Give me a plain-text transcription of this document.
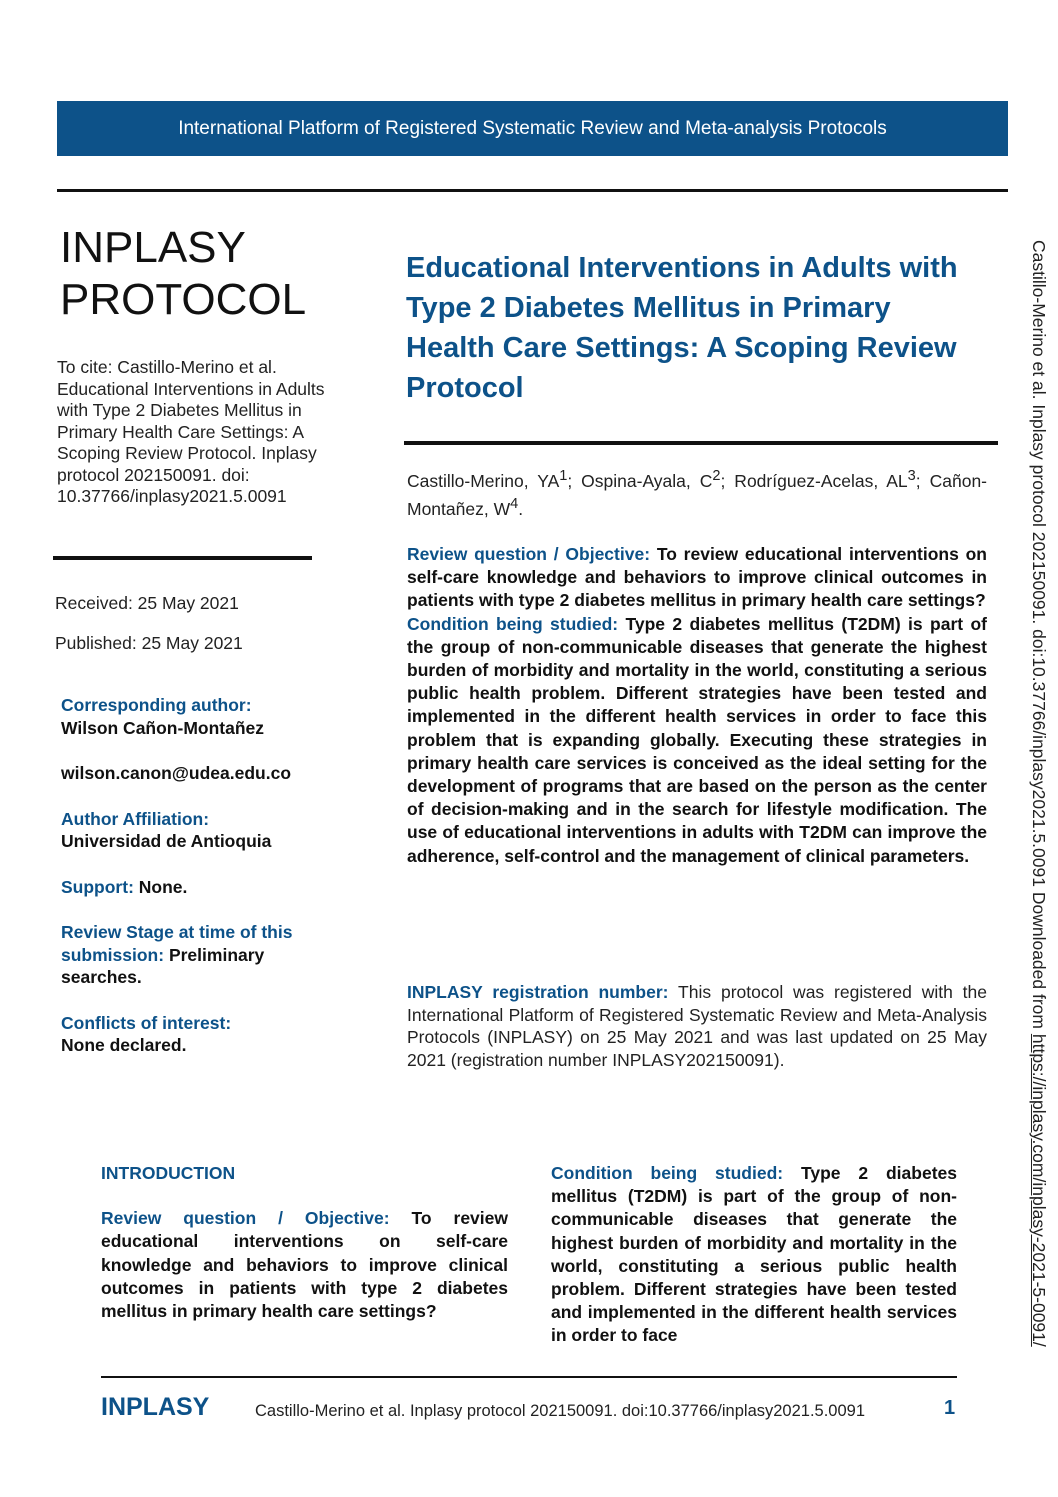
International Platform of Registered Systematic Review and Meta-analysis Protocols
INPLASY
PROTOCOL
To cite: Castillo-Merino et al. Educational Interventions in Adults with Type 2 Diabetes Mellitus in Primary Health Care Settings: A Scoping Review Protocol. Inplasy protocol 202150091. doi: 10.37766/inplasy2021.5.0091
Received: 25 May 2021
Published: 25 May 2021
Corresponding author:
Wilson Cañon-Montañez
wilson.canon@udea.edu.co
Author Affiliation:
Universidad de Antioquia
Support: None.
Review Stage at time of this submission: Preliminary searches.
Conflicts of interest:
None declared.
Educational Interventions in Adults with Type 2 Diabetes Mellitus in Primary Health Care Settings: A Scoping Review Protocol
Castillo-Merino, $YA^1$; Ospina-Ayala, $C^2$; Rodríguez-Acelas, $AL^3$; Cañon-Montañez, $W^4$.
Review question / Objective: To review educational interventions on self-care knowledge and behaviors to improve clinical outcomes in patients with type 2 diabetes mellitus in primary health care settings?
Condition being studied: Type 2 diabetes mellitus (T2DM) is part of the group of non-communicable diseases that generate the highest burden of morbidity and mortality in the world, constituting a serious public health problem. Different strategies have been tested and implemented in the different health services in order to face this problem that is expanding globally. Executing these strategies in primary health care services is conceived as the ideal setting for the development of programs that are based on the person as the center of decision-making and in the search for lifestyle modification. The use of educational interventions in adults with T2DM can improve the adherence, self-control and the management of clinical parameters.
INPLASY registration number: This protocol was registered with the International Platform of Registered Systematic Review and Meta-Analysis Protocols (INPLASY) on 25 May 2021 and was last updated on 25 May 2021 (registration number INPLASY202150091).
INTRODUCTION
Review question / Objective: To review educational interventions on self-care knowledge and behaviors to improve clinical outcomes in patients with type 2 diabetes mellitus in primary health care settings?
Condition being studied: Type 2 diabetes mellitus (T2DM) is part of the group of non-communicable diseases that generate the highest burden of morbidity and mortality in the world, constituting a serious public health problem. Different strategies have been tested and implemented in the different health services in order to face
INPLASY	Castillo-Merino et al. Inplasy protocol 202150091. doi:10.37766/inplasy2021.5.0091	1
Castillo-Merino et al. Inplasy protocol 202150091. doi:10.37766/inplasy2021.5.0091 Downloaded from https://inplasy.com/inplasy-2021-5-0091/
